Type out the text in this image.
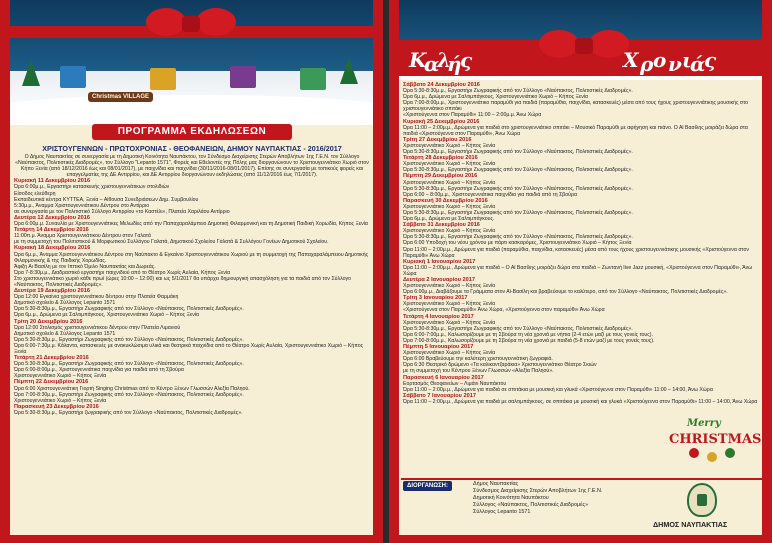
Christmas VILLAGE
ΠΡΟΓΡΑΜΜΑ ΕΚΔΗΛΩΣΕΩΝ
ΧΡΙΣΤΟΥΓΕΝΝΩΝ - ΠΡΩΤΟΧΡΟΝΙΑΣ - ΘΕΟΦΑΝΕΙΩΝ, ΔΗΜΟΥ ΝΑΥΠΑΚΤΙΑΣ - 2016/2017

Ο Δήμος Ναυπακτίας σε συνεργασία με τη Δημοτική Κοινότητα Ναυπάκτου, τον Σύνδεσμο Διαχείρισης Στερών Αποβλήτων 1ης Γ.Ε.Ν. τον Σύλλογο «Ναύπακτος, Πολιτιστικές Διαδρομές», τον Σύλλογο "Lepanto 1571", Φορείς και Εθελοντές της Πόλης μας διοργανώνουν το Χριστουγεννιάτικο Χωριό στον Κήπο Ξενία (από 18/12/2016 έως και 08/01/2017), με παιχνίδια και παιχνίδια (30/11/2016-08/01/2017). Επίσης σε συνεργασία με τοπικούς φορείς και επαγγελματίες της ΔΕ Αντιρρίου, και ΔΕ Αντιρρίου διοργανώνουν εκδηλώσεις (από 11/12/2016 έως 7/1/2017).

Κυριακή 11 Δεκεμβρίου 2016

Ώρα 6:00μ.μ., Εργαστήρι κατασκευής χριστουγεννιάτικων στολιδιών

Είσοδος ελεύθερη

Εκπαιδευτικά κέντρα ΚΥΤΤΕΑ, Ξενία – Αίθουσα Συνεδριάσεων Δημ. Συμβουλίου

5:30μ.μ., Άναμμα Χριστουγεννιάτικου Δέντρου στο Αντίρριο

σε συνεργασία με τον Πολιτιστικό Σύλλογο Αντιρρίου «το Καστέλι», Πλατεία Χαριλάου Αντίρριο

Δευτέρα 12 Δεκεμβρίου 2016

Ώρα 6:00μ.μ. Συναυλία με Χριστουγεννιάτικες Μελωδίες από την Παπαχαραλάμπειο Δημοτική Φιλαρμονική και τη Δημοτική Παιδική Χορωδία, Κήπος Ξενία

Τετάρτη 14 Δεκεμβρίου 2016

11:00π.μ. Άναμμα Χριστουγεννιάτικου Δέντρου στον Γαλατά

με τη συμμετοχή του Πολιτιστικού & Μορφωτικού Συλλόγου Γαλατά, Δημοτικού Σχολείου Γαλατά & Συλλόγου Γονέων Δημοτικού Σχολείου.

Κυριακή 18 Δεκεμβρίου 2016

Ώρα 6μ.μ., Άναμμα Χριστουγεννιάτικου Δέντρου στη Ναύπακτο & Εγκαίνιο Χριστουγεννιάτικου Χωριού με τη συμμετοχή της Παπαχαραλάμπειου Δημοτικής Φιλαρμονικής & της Παιδικής Χορωδίας.

Άφιξη Αι Βασίλη με τον Ιππικό Όμιλο Ναυπακτίας και Δωρεάς.

Ώρα 7-8:30μ.μ., Διαδραστικό εργαστήρι παιχνιδιού από το Θέατρο Χωρίς Αυλαία, Κήπος Ξενία

Στο χριστουγεννιάτικο χωριό κάθε πρωί (ώρες 10:00 – 12:00) και ως 5/1/2017 θα υπάρχει δημιουργική απασχόληση για τα παιδιά από τον Σύλλογο «Ναύπακτος, Πολιτιστικές Διαδρομές».

Δευτέρα 19 Δεκεμβρίου 2016

Ώρα 12:00 Εγκαίνια χριστουγεννιάτικου δέντρου στην Πλατεία Φαρμάκη

Δημοτικό σχολείο & Σύλλογος Lepanto 1571

Ώρα 5:30-8:30μ.μ., Εργαστήρι Ζωγραφικής από τον Σύλλογο «Ναύπακτος, Πολιτιστικές Διαδρομές».

Ώρα 6μ.μ., Δρώμενα με Σαλτιμπάγκους, Χριστουγεννιάτικο Χωριό – Κήπος Ξενία

Τρίτη 20 Δεκεμβρίου 2016

Ώρα 12:00 Στολισμός χριστουγεννιάτικου δέντρου στην Πλατεία Λιμανιού

Δημοτικό σχολείο & Σύλλογος Lepanto 1571

Ώρα 5:30-8:30μ.μ., Εργαστήρι Ζωγραφικής από τον Σύλλογο «Ναύπακτος, Πολιτιστικές Διαδρομές».

Ώρα 6:00-7:30μ.μ. Κάλαντα, κατασκευές με ανακυκλώσιμα υλικά και θεατρικά παιχνίδια από το Θέατρο Χωρίς Αυλαία, Χριστουγεννιάτικο Χωριό – Κήπος Ξενία

Τετάρτη 21 Δεκεμβρίου 2016

Ώρα 5:30-8:30μ.μ., Εργαστήρι Ζωγραφικής από τον Σύλλογο «Ναύπακτος, Πολιτιστικές Διαδρομές».

Ώρα 6:00-8:00μ.μ., Χριστουγεννιάτικα παιχνίδια για παιδιά από τη Σβούρα

Χριστουγεννιάτικο Χωριό – Κήπος Ξενία

Πέμπτη 22 Δεκεμβρίου 2016

Ώρα 6:00 Χριστουγεννιάτικη Γιορτή Singing Christmas από το Κέντρο Ξένων Γλωσσών Αλεξία Παληού.

Ώρα 7:00-8:30μ.μ., Εργαστήρι Ζωγραφικής από τον Σύλλογο «Ναύπακτος, Πολιτιστικές Διαδρομές».

Χριστουγεννιάτικο Χωριό – Κήπος Ξενία

Παρασκευή 23 Δεκεμβρίου 2016

Ώρα 5:30-8:30μ.μ., Εργαστήρι ζωγραφικής από τον Σύλλογο «Ναύπακτος, Πολιτιστικές Διαδρομές».

Κ
α
λ
ή
ς	Χ ρ ο ν ι
ά
ς

Σάββατο 24 Δεκεμβρίου 2016

Ώρα 5:30-8:30μ.μ., Εργαστήρι Ζωγραφικής από τον Σύλλογο «Ναύπακτος, Πολιτιστικές Διαδρομές».

Ώρα 6μ.μ., Δρώμενα με Σαλτιμπάγκους, Χριστουγεννιάτικο Χωριό – Κήπος Ξενία

Ώρα 7:00-8:00μ.μ., Χριστουγεννιάτικο παραμύθι για παιδιά (παραμύθια, παιχνίδια, κατασκευές) μέσα από τους ήχους χριστουγεννιάτικης μουσικής στο χριστουγεννιάτικο σπιτάκι

«Χριστούγεννα στον Παραμύθι» 11:00 – 2:00μ.μ. Άνω Χώρα

Κυριακή 25 Δεκεμβρίου 2016

Ώρα 11:00 – 2:00μ.μ., Δρώμενα για παιδιά στο χριστουγεννιάτικο σπιτάκι – Μουσικό Παραμύθι με αφήγηση και πιάνο. Ο Αϊ Βασίλης μοιράζει δώρα στα παιδιά «Χριστούγεννα στον Παραμύθι», Άνω Χώρα

Τρίτη 27 Δεκεμβρίου 2016

Χριστουγεννιάτικο Χωριό – Κήπος Ξενία

Ώρα 5:30-8:30μ.μ., Εργαστήρι Ζωγραφικής από τον Σύλλογο «Ναύπακτος, Πολιτιστικές Διαδρομές».

Τετάρτη 28 Δεκεμβρίου 2016

Χριστουγεννιάτικο Χωριό – Κήπος Ξενία

Ώρα 5:30-8:30μ.μ., Εργαστήρι Ζωγραφικής από τον Σύλλογο «Ναύπακτος, Πολιτιστικές Διαδρομές».

Πέμπτη 29 Δεκεμβρίου 2016

Χριστουγεννιάτικο Χωριό – Κήπος Ξενία

Ώρα 5:30-8:30μ.μ., Εργαστήρι Ζωγραφικής από τον Σύλλογο «Ναύπακτος, Πολιτιστικές Διαδρομές».

Ώρα 6:00 – 8:00μ.μ., Χριστουγεννιάτικα παιχνίδια για παιδιά από τη Σβούρα

Παρασκευή 30 Δεκεμβρίου 2016

Χριστουγεννιάτικο Χωριό – Κήπος Ξενία

Ώρα 5:30-8:30μ.μ., Εργαστήρι Ζωγραφικής από τον Σύλλογο «Ναύπακτος, Πολιτιστικές Διαδρομές».

Ώρα 6μ.μ., Δρώμενα με Σαλτιμπάγκους.

Σάββατο 31 Δεκεμβρίου 2016

Χριστουγεννιάτικο Χωριό – Κήπος Ξενία

Ώρα 5:30-8:30μ.μ., Εργαστήρι Ζωγραφικής από τον Σύλλογο «Ναύπακτος, Πολιτιστικές Διαδρομές».

Ώρα 6:00 Υποδοχή του νέου χρόνου με πάρτι κασκαρόμες, Χριστουγεννιάτικο Χωριό – Κήπος Ξενία

Ώρα 11:00 – 2:00μ.μ., Δρώμενα για παιδιά (παραμύθια, παιχνίδια, κατασκευές) μέσα από τους ήχους χριστουγεννιάτικης μουσικής «Χριστούγεννα στον Παραμύθι» Άνω Χώρα

Κυριακή 1 Ιανουαρίου 2017

Ώρα 11:00 – 2:00μ.μ., Δρώμενα για παιδιά – Ο Αϊ Βασίλης μοιράζει δώρα στα παιδιά – Ζωντανή live Jazz μουσική, «Χριστούγεννα στον Παραμύθι», Άνω Χώρα

Δευτέρα 2 Ιανουαρίου 2017

Χριστουγεννιάτικο Χωριό – Κήπος Ξενία

Ώρα 6:00μ.μ., Διαβάζουμε τα Γράμματα στον Αϊ-Βασίλη και βραβεύουμε το καλύτερο, από τον Σύλλογο «Ναύπακτος, Πολιτιστικές Διαδρομές».

Τρίτη 3 Ιανουαρίου 2017

Χριστουγεννιάτικο Χωριό – Κήπος Ξενία

«Χριστούγεννα στον Παραμύθι» Άνω Χώρα, «Χριστούγεννα στον παραμύθι» Άνω Χώρα

Τετάρτη 4 Ιανουαρίου 2017

Χριστουγεννιάτικο Χωριό – Κήπος Ξενία

Ώρα 5:30-8:30μ.μ., Εργαστήρι Ζωγραφικής από τον Σύλλογο «Ναύπακτος, Πολιτιστικές Διαδρομές».

Ώρα 6:00-7:00μ.μ., Καλωσορίζουμε με τη Σβούρα τη νέα χρονιά με νήπια (2-4 ετών μαζί με τους γονείς τους).

Ώρα 7:00-8:00μ.μ., Καλωσορίζουμε με τη Σβούρα τη νέα χρονιά με παιδιά (5-8 ετών μαζί με τους γονείς τους).

Πέμπτη 5 Ιανουαρίου 2017

Χριστουγεννιάτικο Χωριό – Κήπος Ξενία

Ώρα 6:00 Βραβεύουμε την καλύτερη χριστουγεννιάτικη ζωγραφιά.

Ώρα 6:30 Θεατρικό δρώμενο «Τα καλικαντζαράκια» Χριστουγεννιάτικο Θέατρο Σκιών

με τη συμμετοχή του Κέντρου Ξένων Γλωσσών «Αλεξία Παληού».

Παρασκευή 6 Ιανουαρίου 2017

Εορτασμός Θεοφανείων – Λιμάνι Ναυπάκτου

Ώρα 11:00 – 2:00μ.μ., Δρώμενα για παιδιά σε σπιτάκια με μουσική και γλυκά «Χριστούγεννα στον Παραμύθι» 11:00 – 14:00, Άνω Χώρα

Σάββατο 7 Ιανουαρίου 2017

Ώρα 11:00 – 2:00μ.μ., Δρώμενα για παιδιά με σαλτιμπάγκους, σε σπιτάκια με μουσική και γλυκά «Χριστούγεννα στον Παραμύθι» 11:00 – 14:00, Άνω Χώρα

Merry
CHRISTMAS
ΔΙΟΡΓΑΝΩΣΗ:	Δήμος Ναυπακτίας
Σύνδεσμος Διαχείρισης Στερών Αποβλήτων 1ης Γ.Ε.Ν.
Δημοτική Κοινότητα Ναυπάκτου
Σύλλογος «Ναύπακτος, Πολιτιστικές Διαδρομές»
Σύλλογος Lepanto 1571
ΔΗΜΟΣ ΝΑΥΠΑΚΤΙΑΣ
